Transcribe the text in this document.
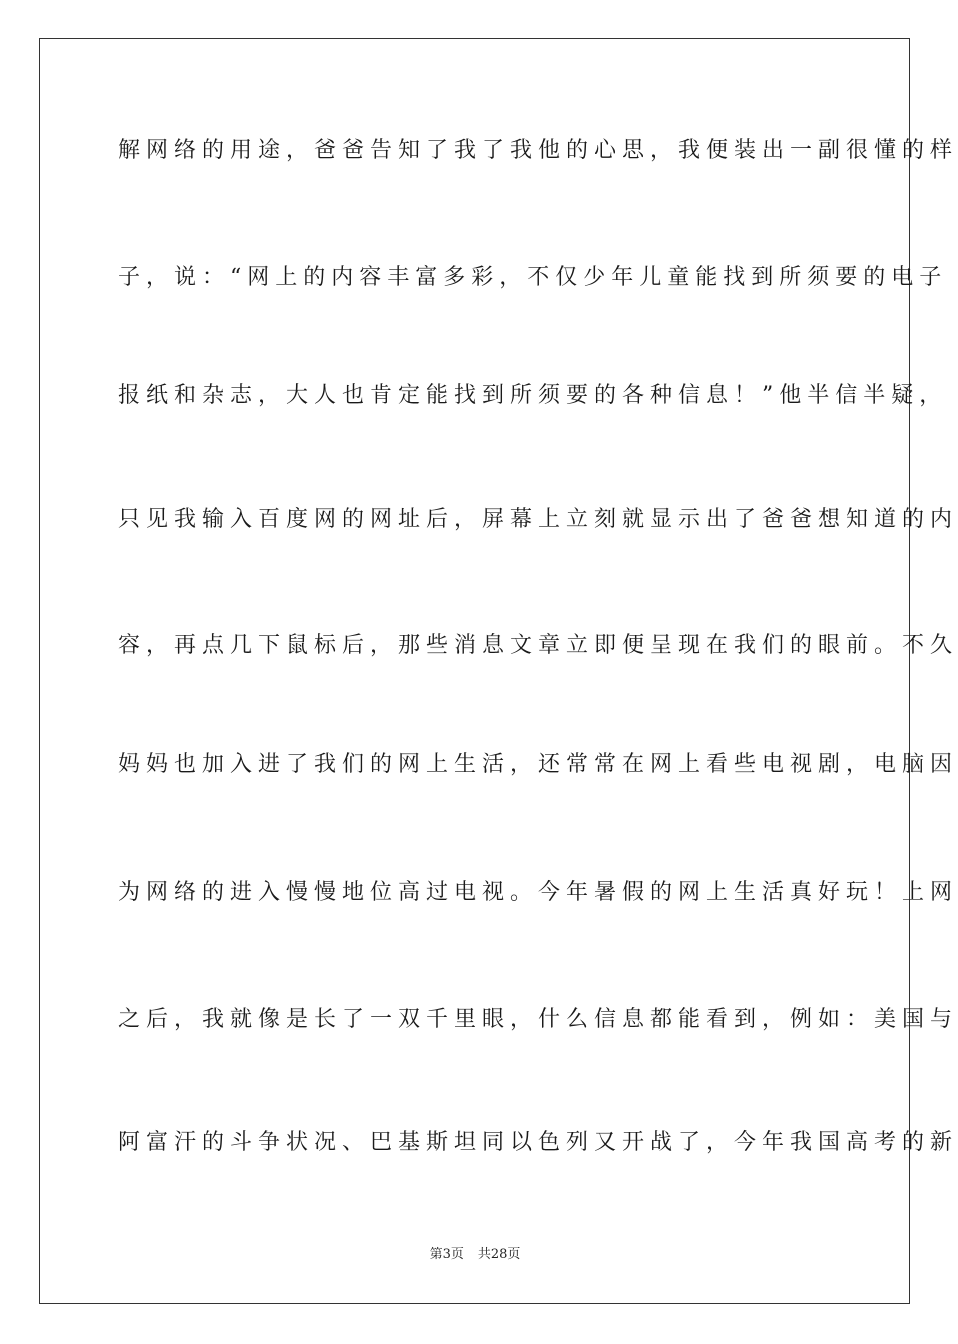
解网络的用途，爸爸告知了我了我他的心思，我便装出一副很懂的样
子，说：“网上的内容丰富多彩，不仅少年儿童能找到所须要的电子
报纸和杂志，大人也肯定能找到所须要的各种信息！”他半信半疑，
只见我输入百度网的网址后，屏幕上立刻就显示出了爸爸想知道的内
容，再点几下鼠标后，那些消息文章立即便呈现在我们的眼前。不久
妈妈也加入进了我们的网上生活，还常常在网上看些电视剧，电脑因
为网络的进入慢慢地位高过电视。今年暑假的网上生活真好玩！上网
之后，我就像是长了一双千里眼，什么信息都能看到，例如：美国与
阿富汗的斗争状况、巴基斯坦同以色列又开战了，今年我国高考的新
第3页 共28页
